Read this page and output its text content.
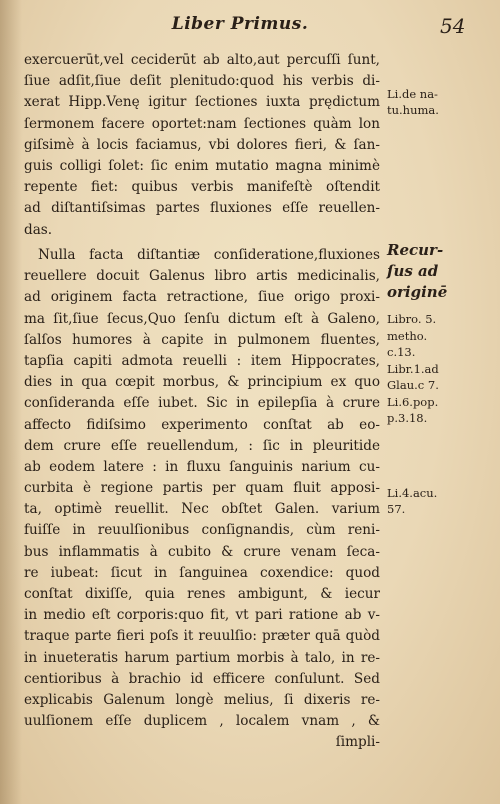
Liber Primus.	54
exercuerūt,vel ceciderūt ab alto,aut percuſſi ſunt,
ſiue adſit,ſiue deſit plenitudo:quod his verbis di-
xerat Hipp.Venę igitur ſectiones iuxta prędictum
ſermonem facere oportet:nam ſectiones quàm lon
giſsimè à locis faciamus, vbi dolores fieri, & ſan-
guis colligi ſolet: ſic enim mutatio magna minimè
repente fiet: quibus verbis manifeſtè oſtendit
ad diſtantiſsimas partes fluxiones eſſe reuellen-
das.
Nulla facta diſtantiæ conſideratione,fluxiones
reuellere docuit Galenus libro artis medicinalis,
ad originem facta retractione, ſiue origo proxi-
ma ſit,ſiue ſecus,Quo ſenſu dictum eſt à Galeno,
ſalſos humores à capite in pulmonem fluentes,
tapſia capiti admota reuelli : item Hippocrates,
dies in qua cœpit morbus, & principium ex quo
conſideranda eſſe iubet. Sic in epilepſia à crure
affecto fidiſsimo experimento conſtat ab eo-
dem crure eſſe reuellendum, : ſic in pleuritide
ab eodem latere : in fluxu ſanguinis narium cu-
curbita è regione partis per quam fluit apposi-
ta, optimè reuellit. Nec obſtet Galen. varium
fuiſſe in reuulſionibus conſignandis, cùm reni-
bus inflammatis à cubito & crure venam ſeca-
re iubeat: ſicut in ſanguinea coxendice: quod
conſtat dixiſſe, quia renes ambigunt, & iecur
in medio eſt corporis:quo fit, vt pari ratione ab v-
traque parte fieri poſs it reuulſio: præter quā quòd
in inueteratis harum partium morbis à talo, in re-
centioribus à brachio id efficere conſulunt. Sed
explicabis Galenum longè melius, ſi dixeris re-
uulſionem eſſe duplicem , localem vnam , &
ſimpli-
Li.de na-
tu.huma.
Recur-
ſus ad
originē
Libro. 5.
metho.
c.13.
Libr.1.ad
Glau.c 7.
Li.6.pop.
p.3.18.
Li.4.acu.
57.
